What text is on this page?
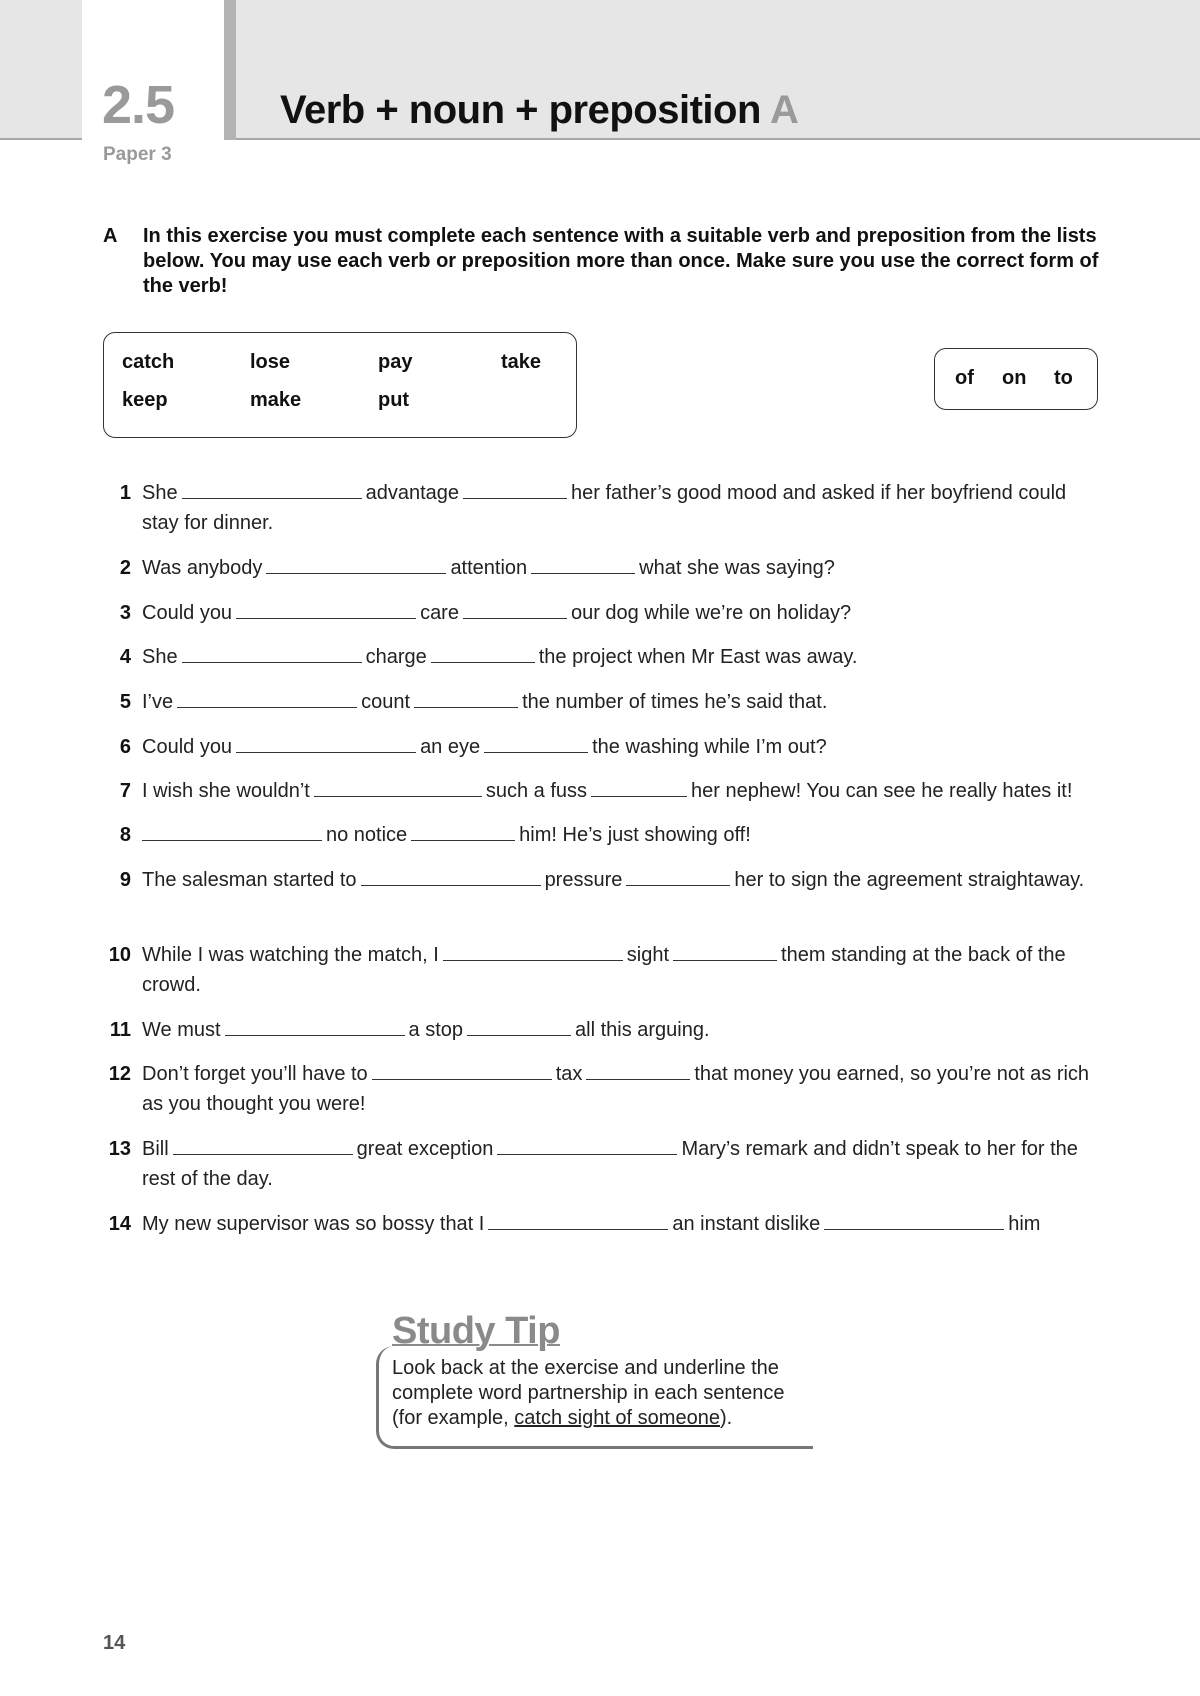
2.5
Paper 3
Verb + noun + preposition A
A In this exercise you must complete each sentence with a suitable verb and preposition from the lists below. You may use each verb or preposition more than once. Make sure you use the correct form of the verb!
catch	lose	pay	take
keep	make	put
of on to
1 She	advantage	her father’s good mood and asked if her boyfriend could stay for dinner.
2 Was anybody	attention	what she was saying?
3 Could you	care	our dog while we’re on holiday?
4 She	charge	the project when Mr East was away.
5 I’ve	count	the number of times he’s said that.
6 Could you	an eye	the washing while I’m out?
7 I wish she wouldn’t	such a fuss	her nephew! You can see he really hates it!
8	no notice	him! He’s just showing off!
9 The salesman started to	pressure	her to sign the agreement straightaway.
10 While I was watching the match, I	sight	them standing at the back of the crowd.
11 We must	a stop	all this arguing.
12 Don’t forget you’ll have to	tax	that money you earned, so you’re not as rich as you thought you were!
13 Bill	great exception	Mary’s remark and didn’t speak to her for the rest of the day.
14 My new supervisor was so bossy that I	an instant dislike	him
Study Tip
Look back at the exercise and underline the complete word partnership in each sentence (for example, catch sight of someone).
14
